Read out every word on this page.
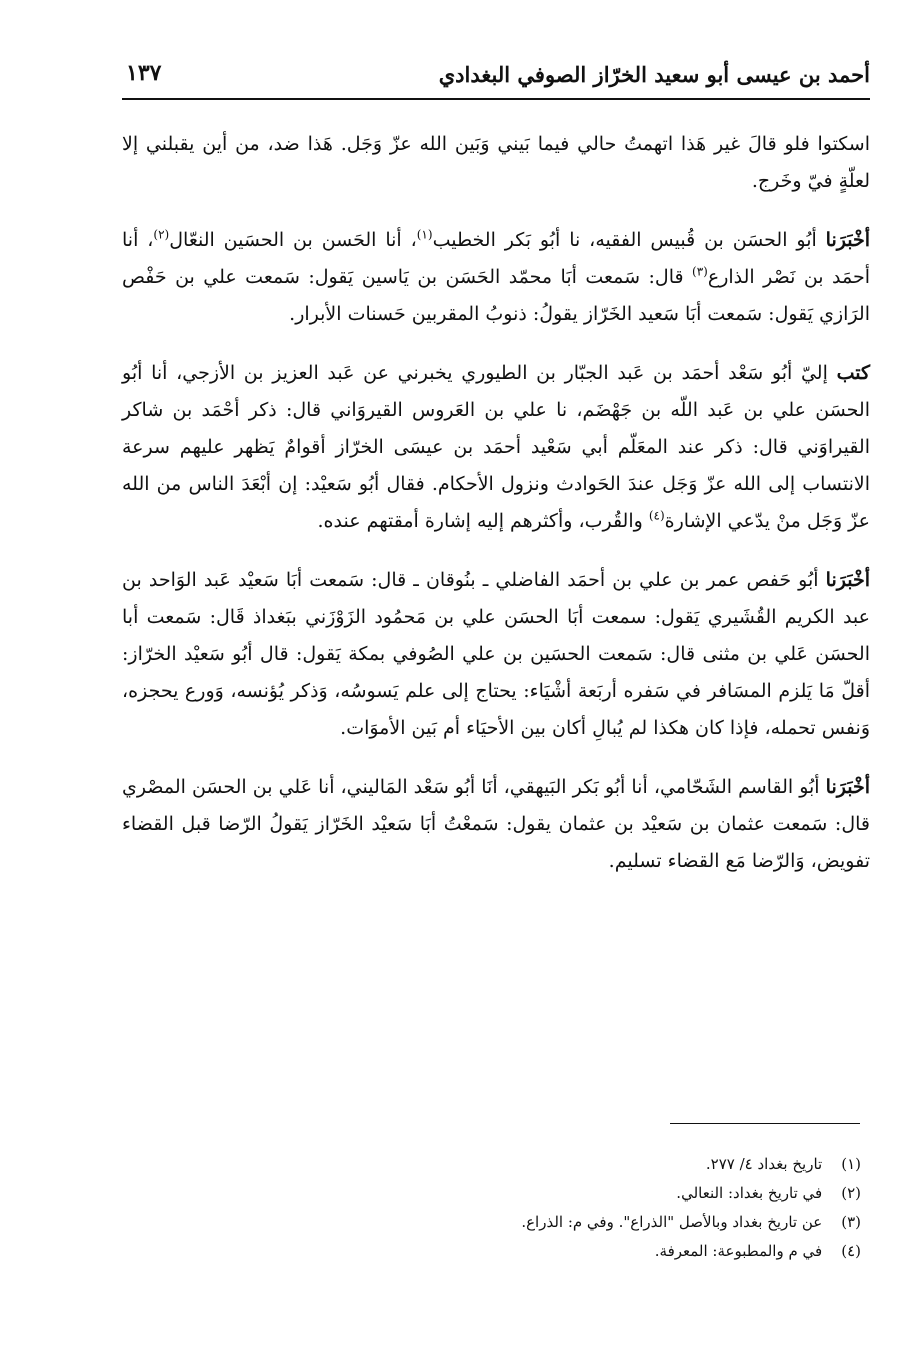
أحمد بن عيسى أبو سعيد الخرّاز الصوفي البغدادي
١٣٧

اسكتوا فلو قالَ غير هَذا اتهمتُ حالي فيما بَيني وَبَين الله عزّ وَجَل. هَذا ضد، من أين يقبلني إلا لعلّةٍ فيّ وخَرج.

أخْبَرَنا أبُو الحسَن بن قُبيس الفقيه، نا أبُو بَكر الخطيب$^{(١)}$، أنا الحَسن بن الحسَين النعّال$^{(٢)}$، أنا أحمَد بن نَصْر الذارع$^{(٣)}$ قال: سَمعت أبَا محمّد الحَسَن بن يَاسين يَقول: سَمعت علي بن حَفْص الرَازي يَقول: سَمعت أبَا سَعيد الخَرّاز يقولُ: ذنوبُ المقربين حَسنات الأبرار.

كتب إليّ أبُو سَعْد أحمَد بن عَبد الجبّار بن الطيوري يخبرني عن عَبد العزيز بن الأزجي، أنا أبُو الحسَن علي بن عَبد اللّه بن جَهْضَم، نا علي بن العَروس القيروَاني قال: ذكر أحْمَد بن شاكر القيراوَني قال: ذكر عند المعَلّم أبي سَعْيد أحمَد بن عيسَى الخرّاز أقوامٌ يَظهر عليهم سرعة الانتساب إلى الله عزّ وَجَل عندَ الحَوادث ونزول الأحكام. فقال أبُو سَعيْد: إن أبْعَدَ الناس من الله عزّ وَجَل منْ يدّعي الإشارة$^{(٤)}$ والقُرب، وأكثرهم إليه إشارة أمقتهم عنده.

أخْبَرَنا أبُو حَفص عمر بن علي بن أحمَد الفاضلي ـ بنُوقان ـ قال: سَمعت أبَا سَعيْد عَبد الوَاحد بن عبد الكريم القُشَيري يَقول: سمعت أبَا الحسَن علي بن مَحمُود الزَوْزَني ببَغداذ قَال: سَمعت أبا الحسَن عَلي بن مثنى قال: سَمعت الحسَين بن علي الصُوفي بمكة يَقول: قال أبُو سَعيْد الخرّاز: أقلّ مَا يَلزم المسَافر في سَفره أربَعة أشْيَاء: يحتاج إلى علم يَسوسُه، وَذكر يُؤنسه، وَورع يحجزه، وَنفس تحمله، فإذا كان هكذا لم يُبالِ أكان بين الأحيَاء أم بَين الأموَات.

أخْبَرَنا أبُو القاسم الشَحّامي، أنا أبُو بَكر البَيهقي، أنَا أبُو سَعْد المَاليني، أنا عَلي بن الحسَن المصْري قال: سَمعت عثمان بن سَعيْد بن عثمان يقول: سَمعْتُ أبَا سَعيْد الخَرّاز يَقولُ الرّضا قبل القضاء تفويض، وَالرّضا مَع القضاء تسليم.

(١) تاريخ بغداد ٤/ ٢٧٧.
(٢) في تاريخ بغداد: النعالي.
(٣) عن تاريخ بغداد وبالأصل "الذراع". وفي م: الذراع.
(٤) في م والمطبوعة: المعرفة.
